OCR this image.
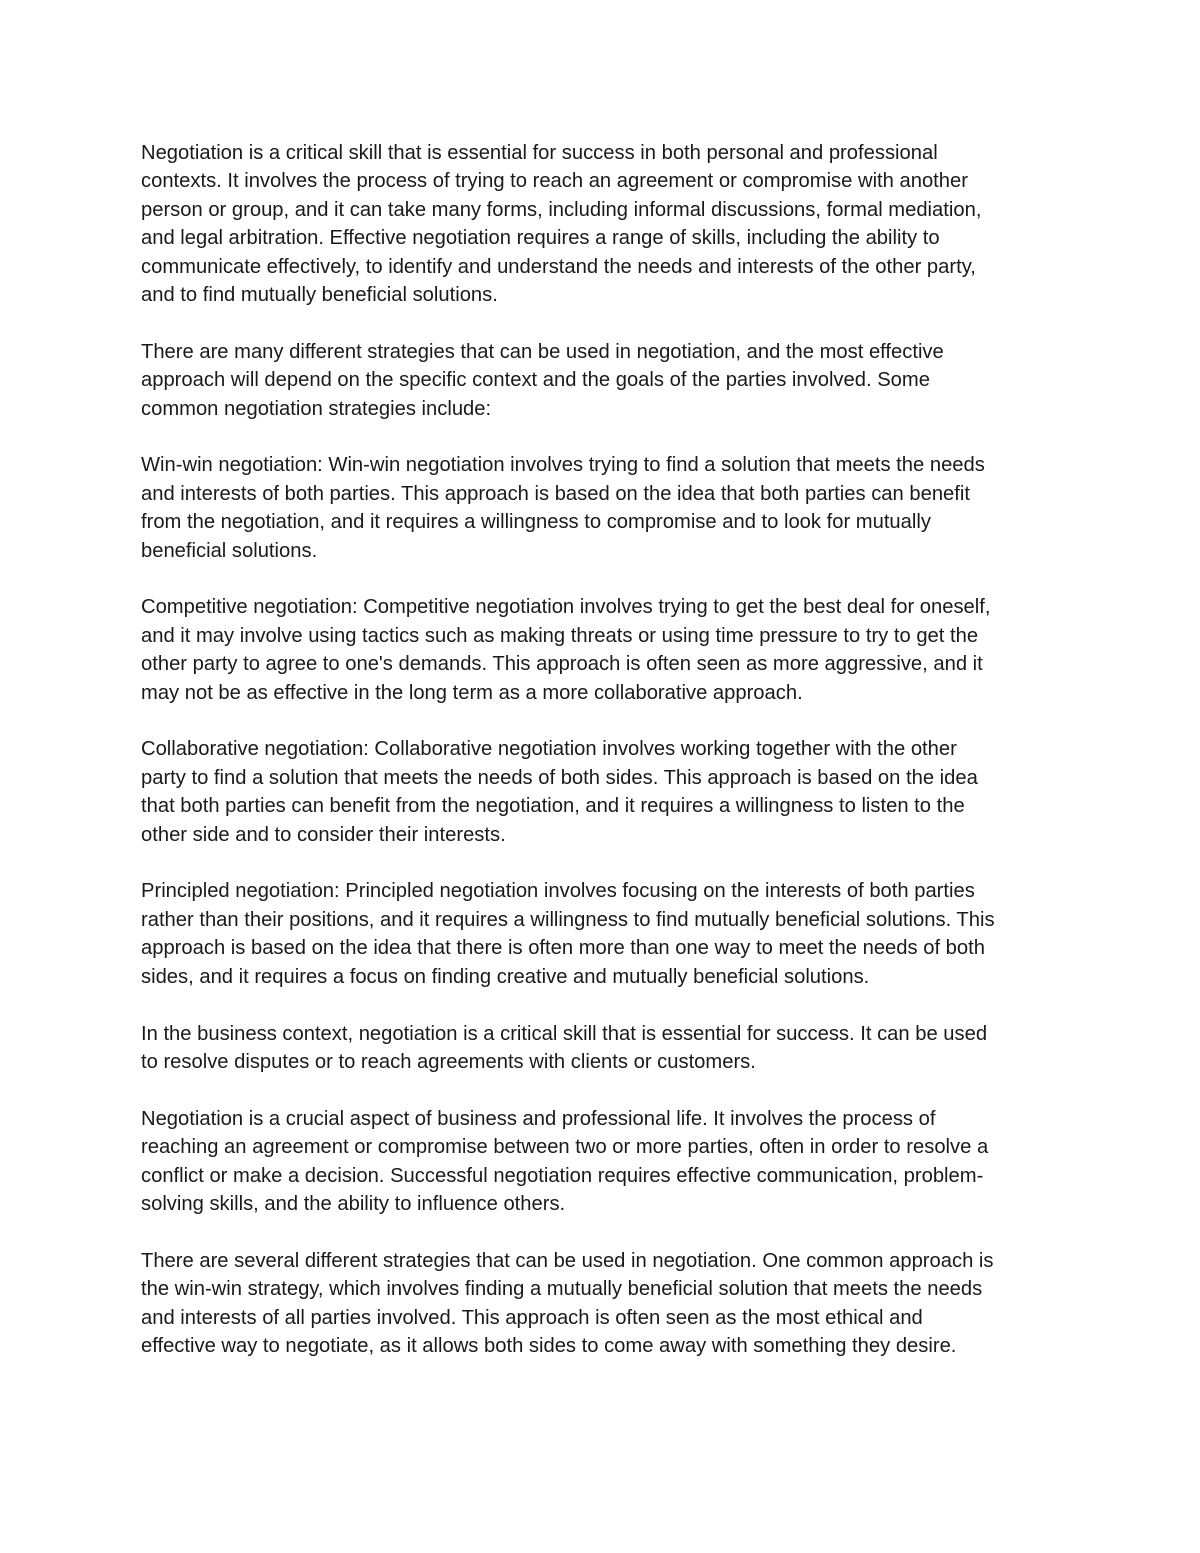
Negotiation is a critical skill that is essential for success in both personal and professional
contexts. It involves the process of trying to reach an agreement or compromise with another
person or group, and it can take many forms, including informal discussions, formal mediation,
and legal arbitration. Effective negotiation requires a range of skills, including the ability to
communicate effectively, to identify and understand the needs and interests of the other party,
and to find mutually beneficial solutions.

There are many different strategies that can be used in negotiation, and the most effective
approach will depend on the specific context and the goals of the parties involved. Some
common negotiation strategies include:

Win-win negotiation: Win-win negotiation involves trying to find a solution that meets the needs
and interests of both parties. This approach is based on the idea that both parties can benefit
from the negotiation, and it requires a willingness to compromise and to look for mutually
beneficial solutions.

Competitive negotiation: Competitive negotiation involves trying to get the best deal for oneself,
and it may involve using tactics such as making threats or using time pressure to try to get the
other party to agree to one's demands. This approach is often seen as more aggressive, and it
may not be as effective in the long term as a more collaborative approach.

Collaborative negotiation: Collaborative negotiation involves working together with the other
party to find a solution that meets the needs of both sides. This approach is based on the idea
that both parties can benefit from the negotiation, and it requires a willingness to listen to the
other side and to consider their interests.

Principled negotiation: Principled negotiation involves focusing on the interests of both parties
rather than their positions, and it requires a willingness to find mutually beneficial solutions. This
approach is based on the idea that there is often more than one way to meet the needs of both
sides, and it requires a focus on finding creative and mutually beneficial solutions.

In the business context, negotiation is a critical skill that is essential for success. It can be used
to resolve disputes or to reach agreements with clients or customers.

Negotiation is a crucial aspect of business and professional life. It involves the process of
reaching an agreement or compromise between two or more parties, often in order to resolve a
conflict or make a decision. Successful negotiation requires effective communication, problem-
solving skills, and the ability to influence others.

There are several different strategies that can be used in negotiation. One common approach is
the win-win strategy, which involves finding a mutually beneficial solution that meets the needs
and interests of all parties involved. This approach is often seen as the most ethical and
effective way to negotiate, as it allows both sides to come away with something they desire.
